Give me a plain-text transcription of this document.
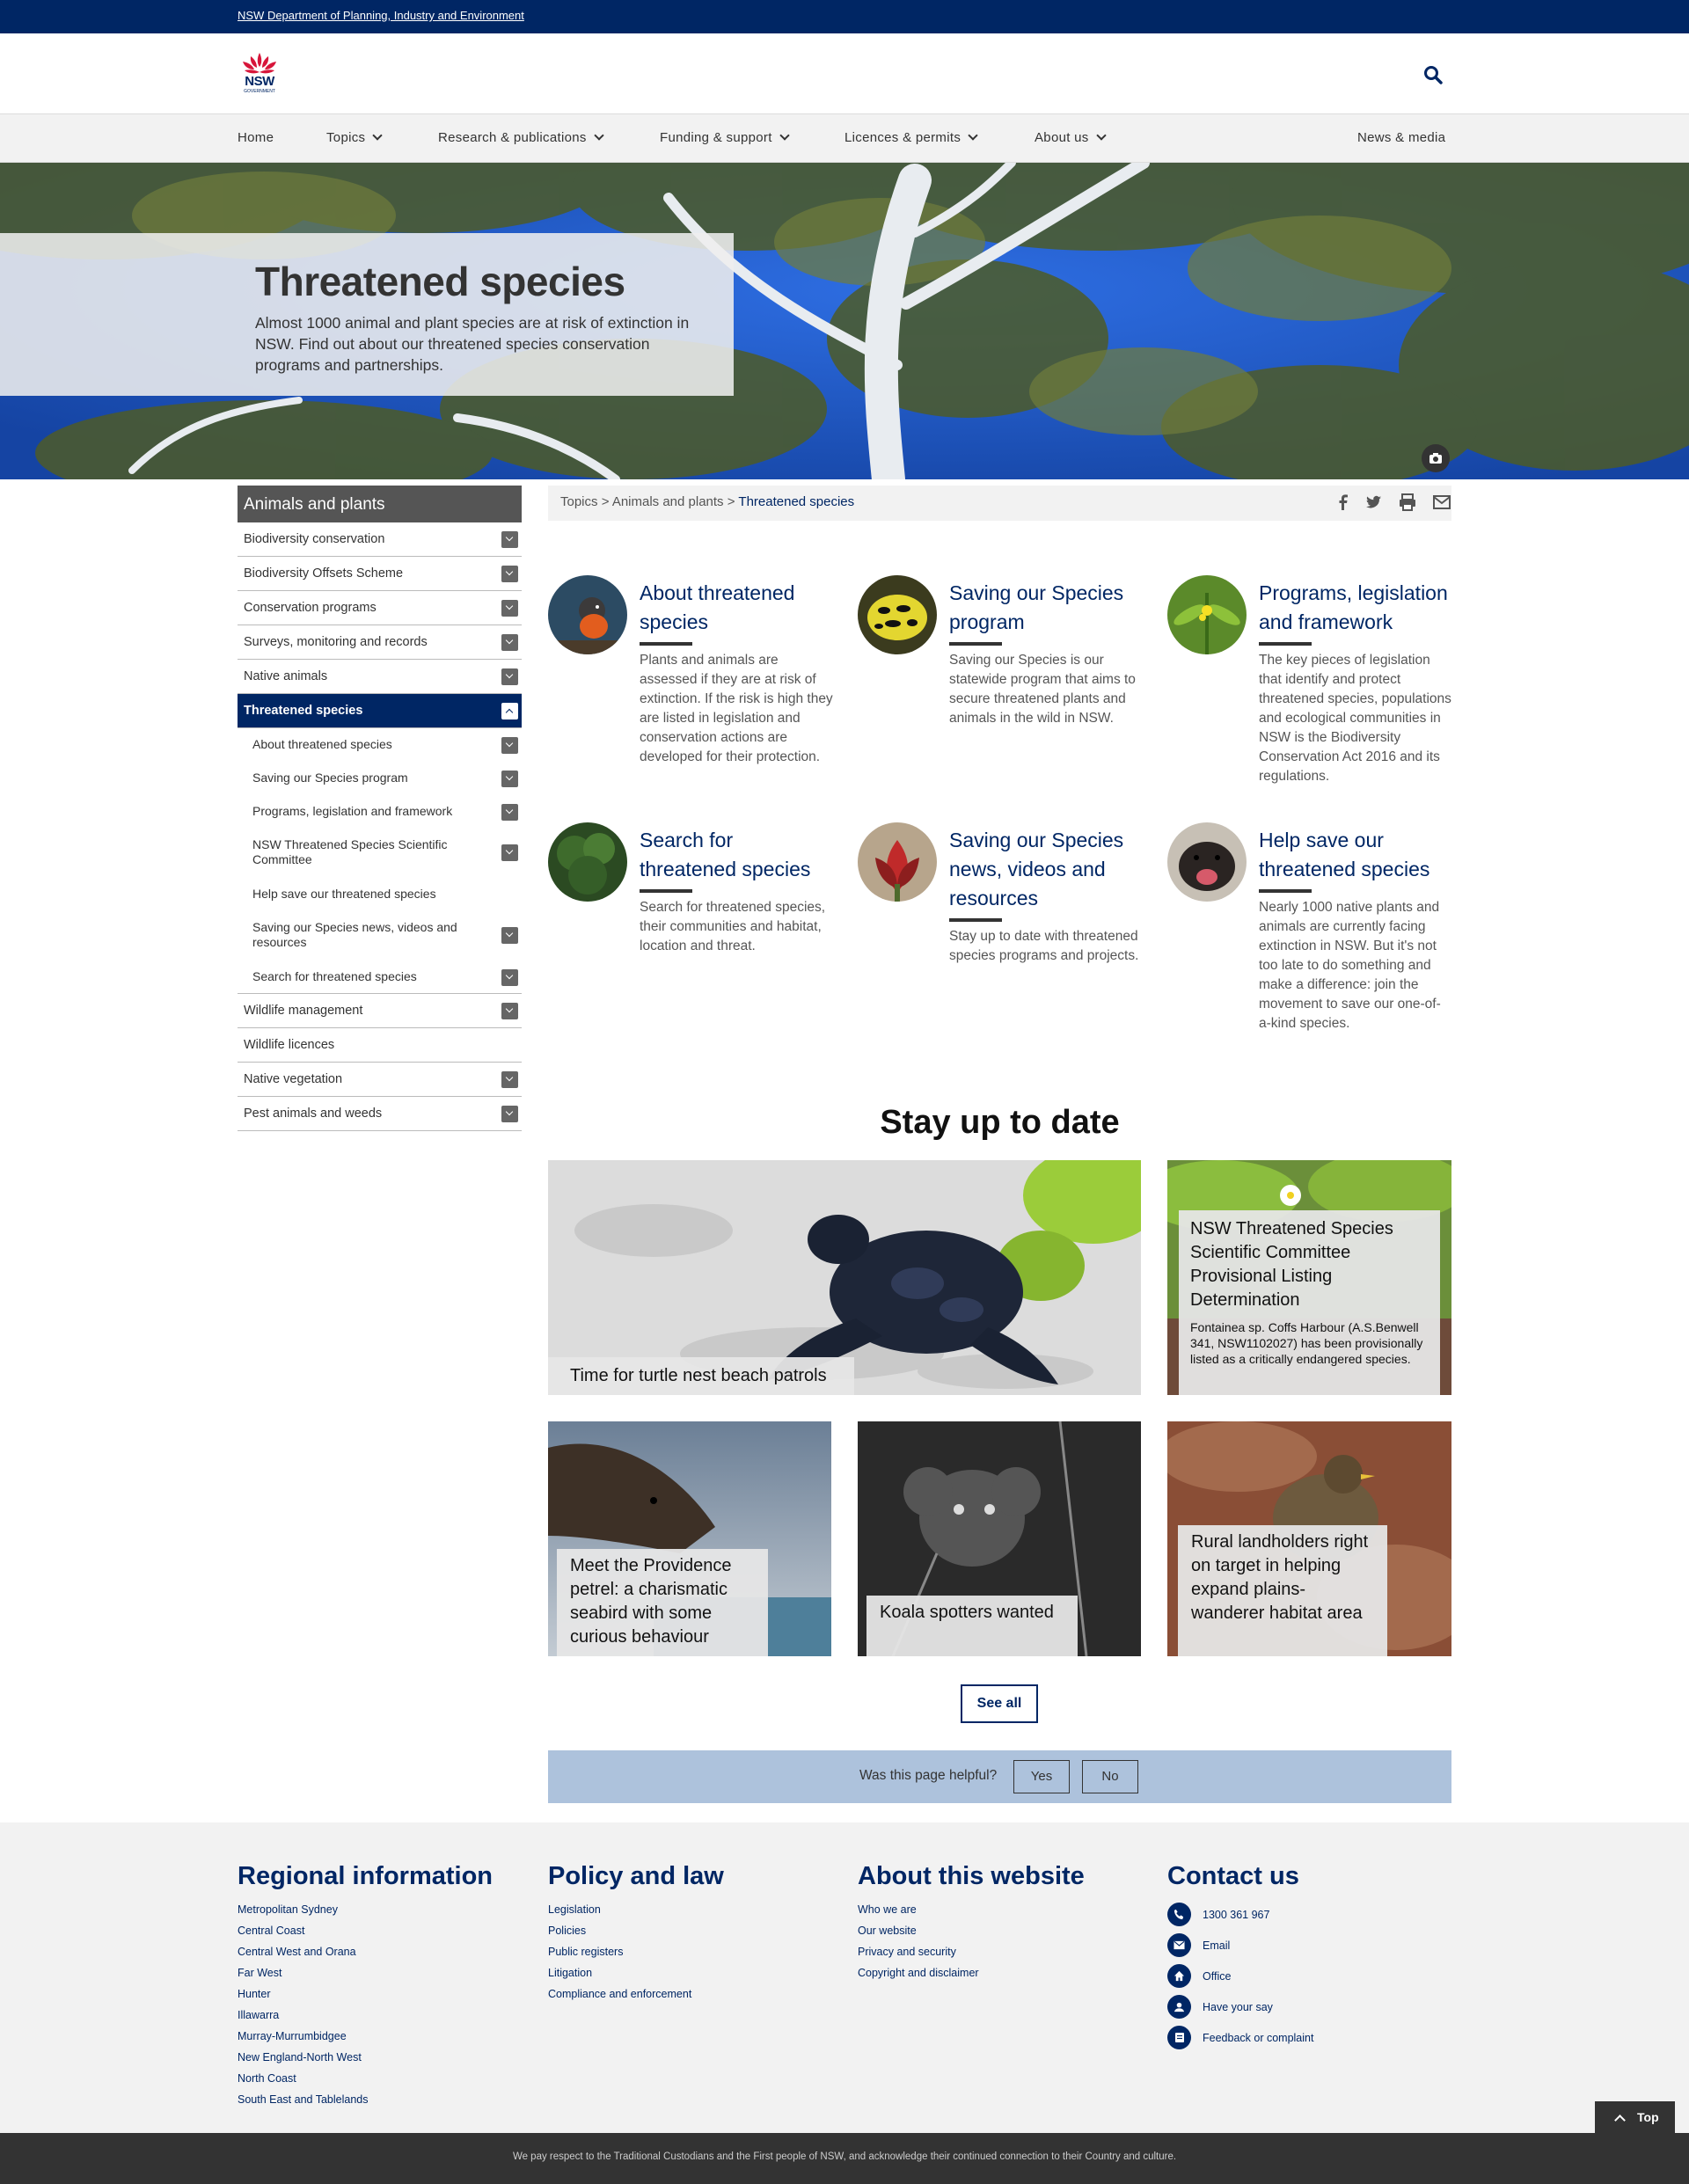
NSW Department of Planning, Industry and Environment
NSW
GOVERNMENT
Home	Topics	Research & publications	Funding & support	Licences & permits	About us	News & media
Threatened species

Almost 1000 animal and plant species are at risk of extinction in NSW. Find out about our threatened species conservation programs and partnerships.

Animals and plants
Biodiversity conservation
Biodiversity Offsets Scheme
Conservation programs
Surveys, monitoring and records
Native animals
Threatened species
About threatened species
Saving our Species program
Programs, legislation and framework
NSW Threatened Species Scientific Committee
Help save our threatened species
Saving our Species news, videos and resources
Search for threatened species
Wildlife management
Wildlife licences
Native vegetation
Pest animals and weeds
Topics > Animals and plants > Threatened species
About threatened species

Plants and animals are assessed if they are at risk of extinction. If the risk is high they are listed in legislation and conservation actions are developed for their protection.

Saving our Species program

Saving our Species is our statewide program that aims to secure threatened plants and animals in the wild in NSW.

Programs, legislation and framework

The key pieces of legislation that identify and protect threatened species, populations and ecological communities in NSW is the Biodiversity Conservation Act 2016 and its regulations.

Search for threatened species

Search for threatened species, their communities and habitat, location and threat.

Saving our Species news, videos and resources

Stay up to date with threatened species programs and projects.

Help save our threatened species

Nearly 1000 native plants and animals are currently facing extinction in NSW. But it's not too late to do something and make a difference: join the movement to save our one-of-a-kind species.

Stay up to date
Time for turtle nest beach patrols
NSW Threatened Species Scientific Committee Provisional Listing Determination
Fontainea sp. Coffs Harbour (A.S.Benwell 341, NSW1102027) has been provisionally listed as a critically endangered species.
Meet the Providence petrel: a charismatic seabird with some curious behaviour
Koala spotters wanted
Rural landholders right on target in helping expand plains-wanderer habitat area
See all
Was this page helpful?	Yes	No
Regional information
Metropolitan Sydney
Central Coast
Central West and Orana
Far West
Hunter
Illawarra
Murray-Murrumbidgee
New England-North West
North Coast
South East and Tablelands
Policy and law
Legislation
Policies
Public registers
Litigation
Compliance and enforcement
About this website
Who we are
Our website
Privacy and security
Copyright and disclaimer
Contact us
1300 361 967
Email
Office
Have your say
Feedback or complaint
Top
We pay respect to the Traditional Custodians and the First people of NSW, and acknowledge their continued connection to their Country and culture.
